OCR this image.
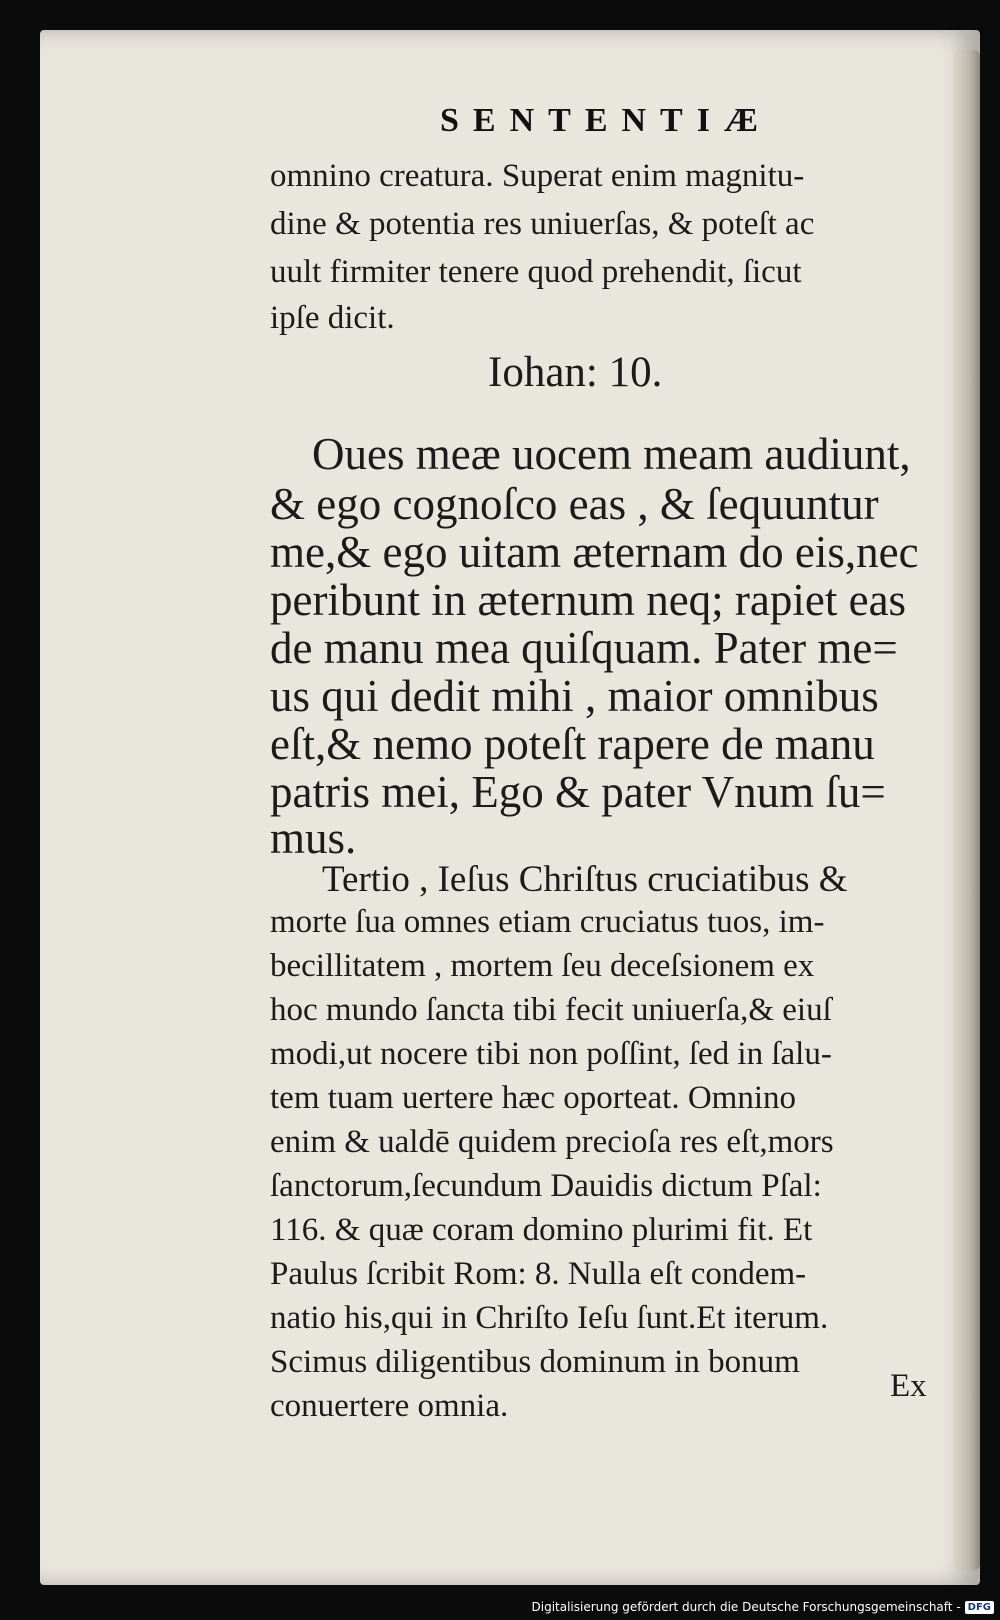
SENTENTIÆ
omnino creatura. Superat enim magnitu-
dine & potentia res uniuerſas, & poteſt ac
uult firmiter tenere quod prehendit, ſicut
ipſe dicit.
Iohan: 10.
Oues meæ uocem meam audiunt,
& ego cognoſco eas , & ſequuntur
me,& ego uitam æternam do eis,nec
peribunt in æternum neq; rapiet eas
de manu mea quiſquam. Pater me=
us qui dedit mihi , maior omnibus
eſt,& nemo poteſt rapere de manu
patris mei, Ego & pater Vnum ſu=
mus.
Tertio , Ieſus Chriſtus cruciatibus &
morte ſua omnes etiam cruciatus tuos, im-
becillitatem , mortem ſeu deceſsionem ex
hoc mundo ſancta tibi fecit uniuerſa,& eiuſ
modi,ut nocere tibi non poſſint, ſed in ſalu-
tem tuam uertere hæc oporteat. Omnino
enim & ualdē quidem precioſa res eſt,mors
ſanctorum,ſecundum Dauidis dictum Pſal:
116. & quæ coram domino plurimi fit. Et
Paulus ſcribit Rom: 8. Nulla eſt condem-
natio his,qui in Chriſto Ieſu ſunt.Et iterum.
Scimus diligentibus dominum in bonum
conuertere omnia.
Ex
Digitalisierung gefördert durch die Deutsche Forschungsgemeinschaft - DFG
